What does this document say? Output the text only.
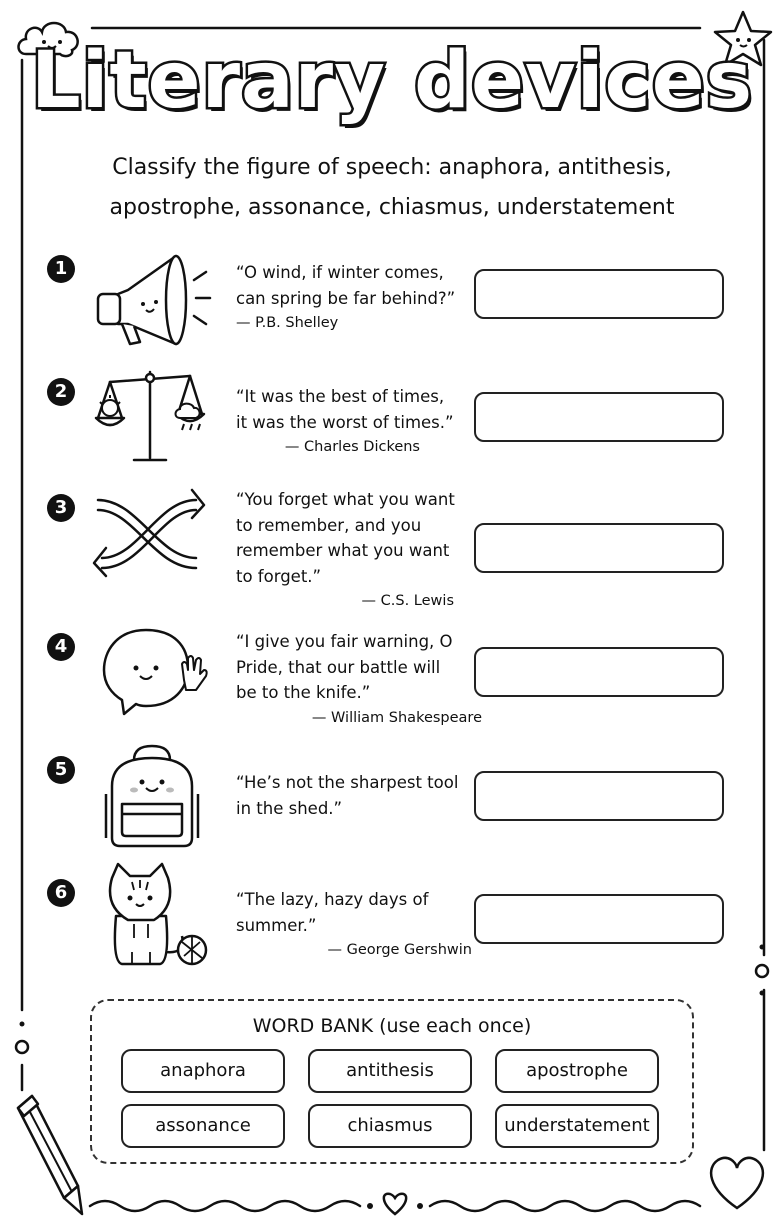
Literary devices
Classify the figure of speech: anaphora, antithesis,
apostrophe, assonance, chiasmus, understatement
1	“O wind, if winter comes,
can spring be far behind?”
— P.B. Shelley
2	“It was the best of times,
it was the worst of times.”
— Charles Dickens
3	“You forget what you want
to remember, and you
remember what you want
to forget.”
— C.S. Lewis
4	“I give you fair warning, O
Pride, that our battle will
be to the knife.”
— William Shakespeare
5
“He’s not the sharpest tool
in the shed.”
6	“The lazy, hazy days of
summer.”
— George Gershwin
WORD BANK (use each once)
anaphora	antithesis	apostrophe
assonance	chiasmus	understatement
